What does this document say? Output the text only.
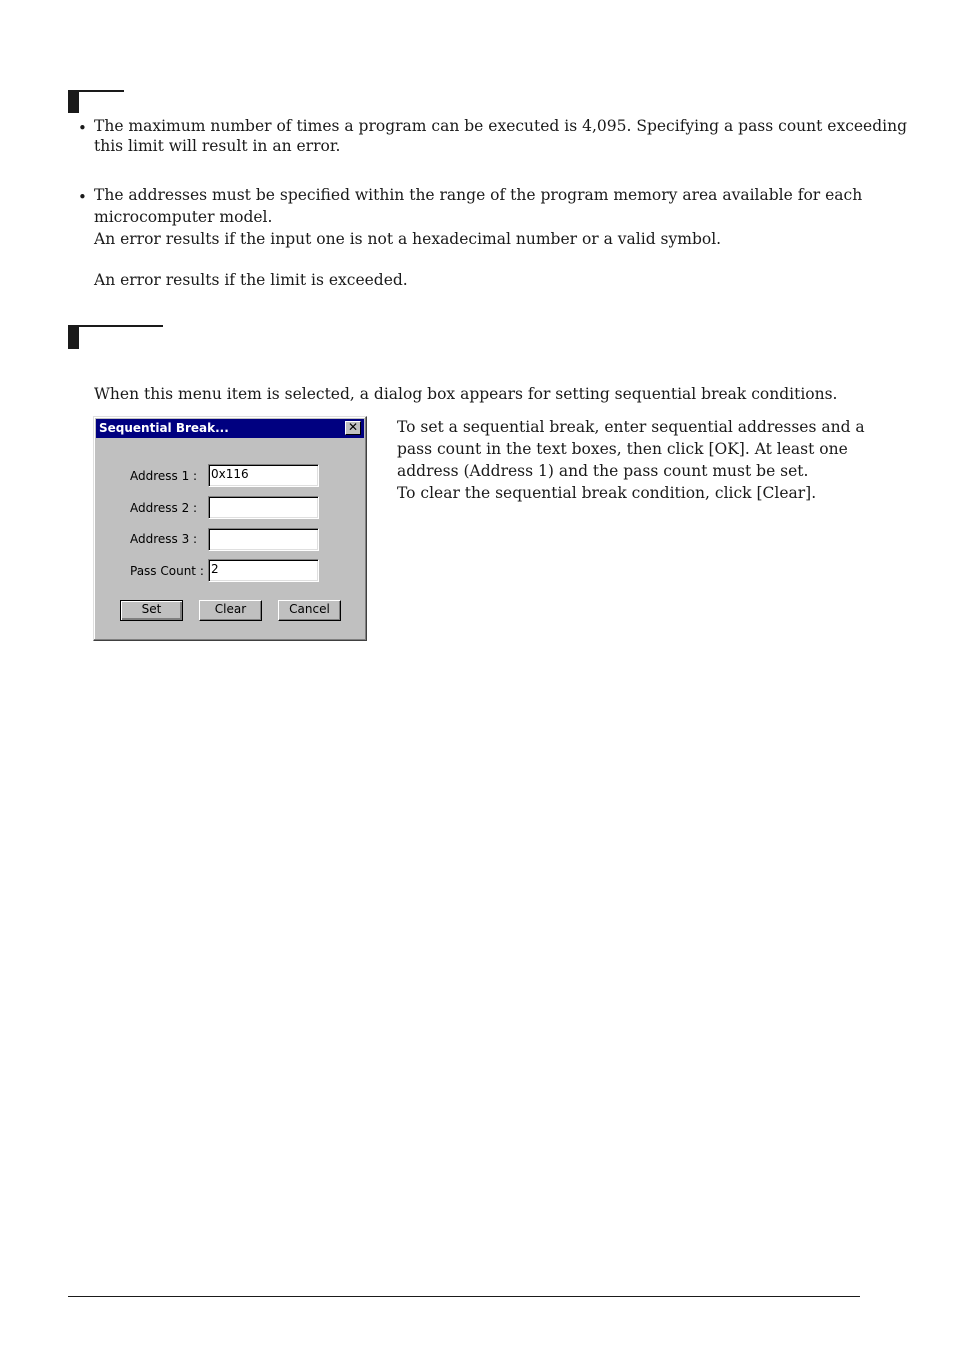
• The maximum number of times a program can be executed is 4,095. Specifying a pass count exceeding
this limit will result in an error.
• The addresses must be specified within the range of the program memory area available for each
microcomputer model.
An error results if the input one is not a hexadecimal number or a valid symbol.
An error results if the limit is exceeded.
When this menu item is selected, a dialog box appears for setting sequential break conditions.
Sequential Break...	✕
Address 1 : 0x116
Address 2 :
Address 3 :
Pass Count : 2
Set	Clear	Cancel
To set a sequential break, enter sequential addresses and a
pass count in the text boxes, then click [OK]. At least one
address (Address 1) and the pass count must be set.
To clear the sequential break condition, click [Clear].
